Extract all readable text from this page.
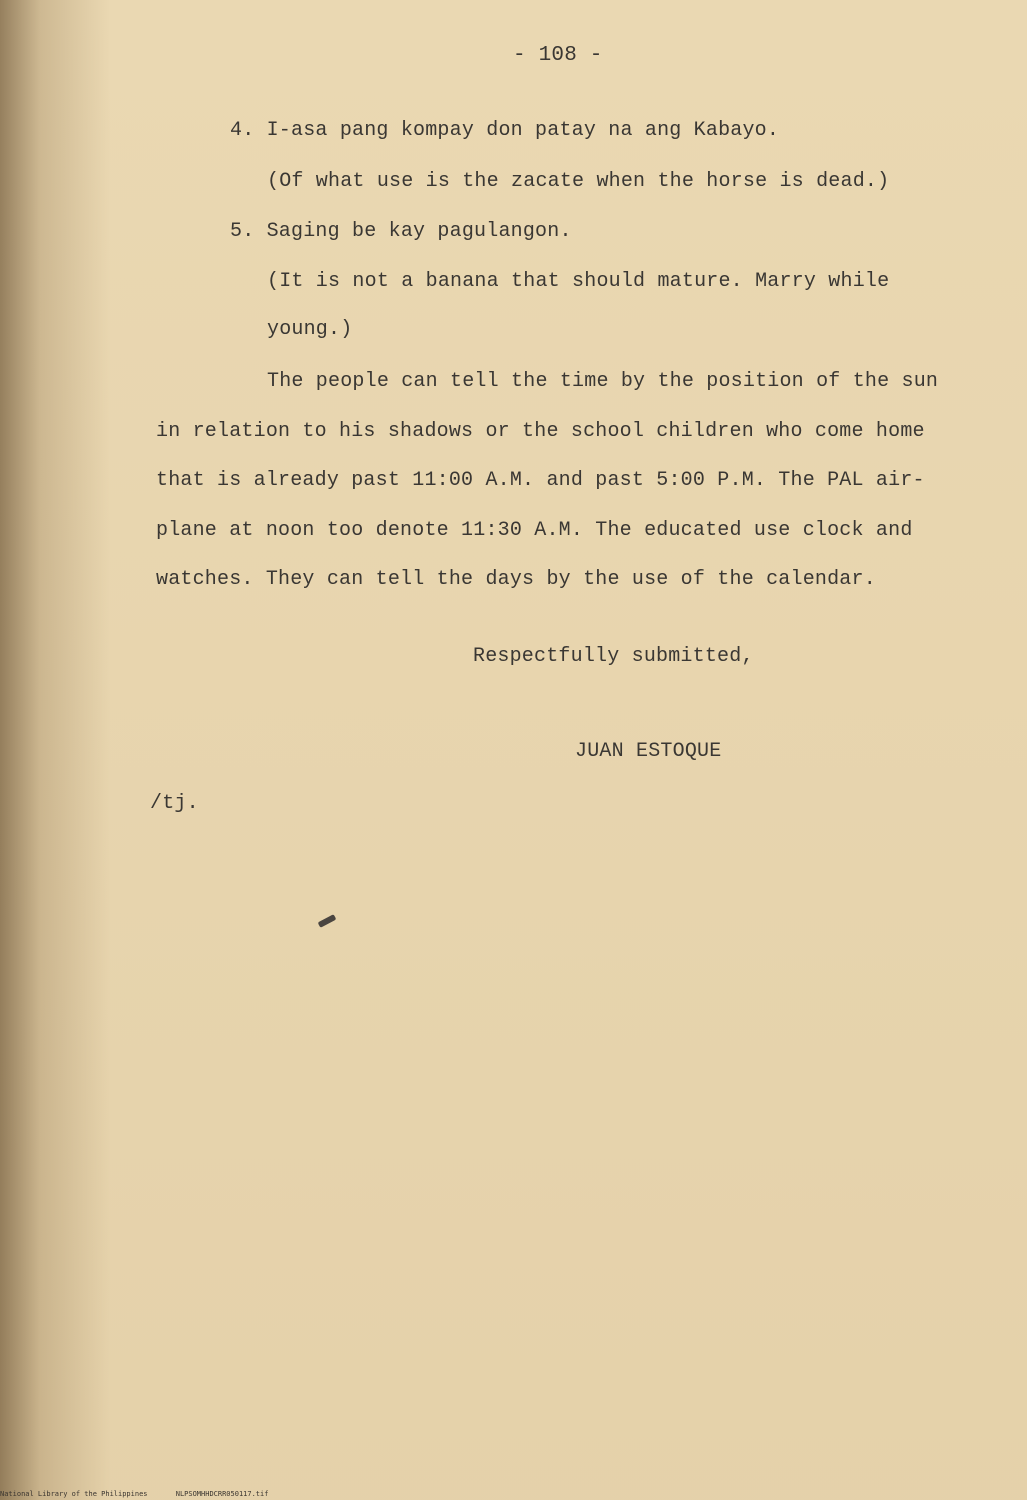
- 108 -
4. I-asa pang kompay don patay na ang Kabayo.
(Of what use is the zacate when the horse is dead.)
5. Saging be kay pagulangon.
(It is not a banana that should mature. Marry while
young.)
The people can tell the time by the position of the sun
in relation to his shadows or the school children who come home
that is already past 11:00 A.M. and past 5:00 P.M. The PAL air-
plane at noon too denote 11:30 A.M. The educated use clock and
watches. They can tell the days by the use of the calendar.
Respectfully submitted,
JUAN ESTOQUE
/tj.
National Library of the Philippines	NLPSOMHHDCRR050117.tif
